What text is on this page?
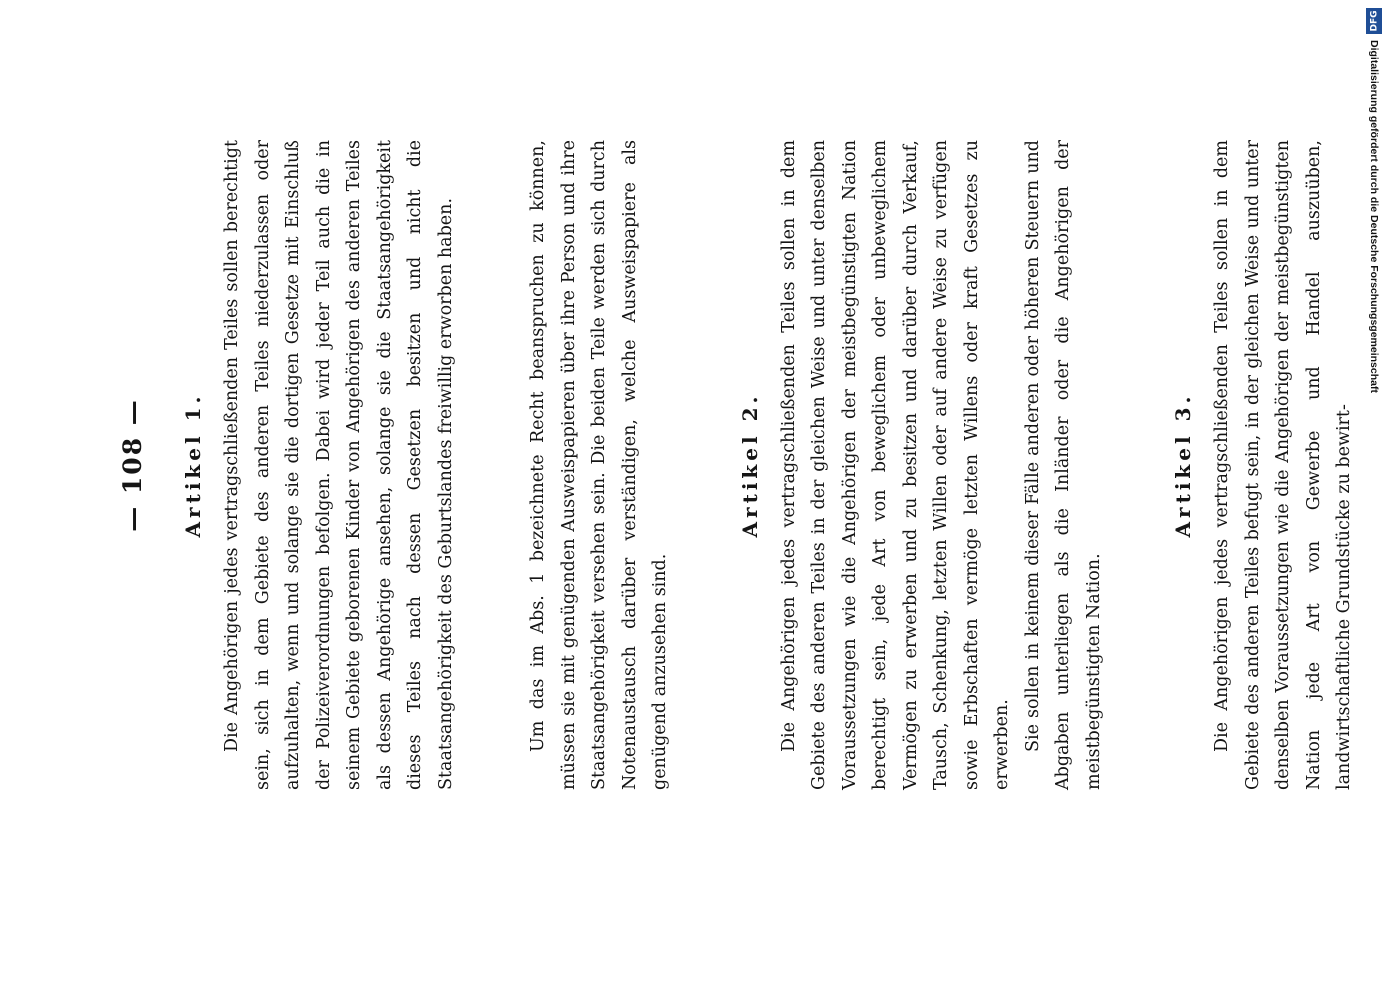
— 108 — Artikel 1. Die Angehörigen jedes vertragschließenden Teiles sollen berechtigt sein, sich in dem Gebiete des anderen Teiles niederzulassen oder aufzuhalten, wenn und solange sie die dortigen Gesetze mit Einschluß der Polizeiverordnungen befolgen. Dabei wird jeder Teil auch die in seinem Gebiete geborenen Kinder von Angehörigen des anderen Teiles als dessen Angehörige ansehen, solange sie die Staatsangehörigkeit dieses Teiles nach dessen Gesetzen besitzen und nicht die Staatsangehörigkeit des Geburtslandes freiwillig erworben haben.	Um das im Abs. 1 bezeichnete Recht beanspruchen zu können, müssen sie mit genügenden Ausweispapieren über ihre Person und ihre Staatsangehörigkeit versehen sein. Die beiden Teile werden sich durch Notenaustausch darüber verständigen, welche Ausweispapiere als genügend anzusehen sind.

Artikel 2. Die Angehörigen jedes vertragschließenden Teiles sollen in dem Gebiete des anderen Teiles in der gleichen Weise und unter denselben Voraussetzungen wie die Angehörigen der meistbegünstigten Nation berechtigt sein, jede Art von beweglichem oder unbeweglichem Vermögen zu erwerben und zu besitzen und darüber durch Verkauf, Tausch, Schenkung, letzten Willen oder auf andere Weise zu verfügen sowie Erbschaften vermöge letzten Willens oder kraft Gesetzes zu erwerben. Sie sollen in keinem dieser Fälle anderen oder höheren Steuern und Abgaben unterliegen als die Inländer oder die Angehörigen der meistbegünstigten Nation.

Artikel 3. Die Angehörigen jedes vertragschließenden Teiles sollen in dem Gebiete des anderen Teiles befugt sein, in der gleichen Weise und unter denselben Voraussetzungen wie die Angehörigen der meistbegünstigten Nation jede Art von Gewerbe und Handel auszuüben, landwirtschaftliche Grundstücke zu bewirt-

DFG
Digitalisierung gefördert durch die Deutsche Forschungsgemeinschaft
